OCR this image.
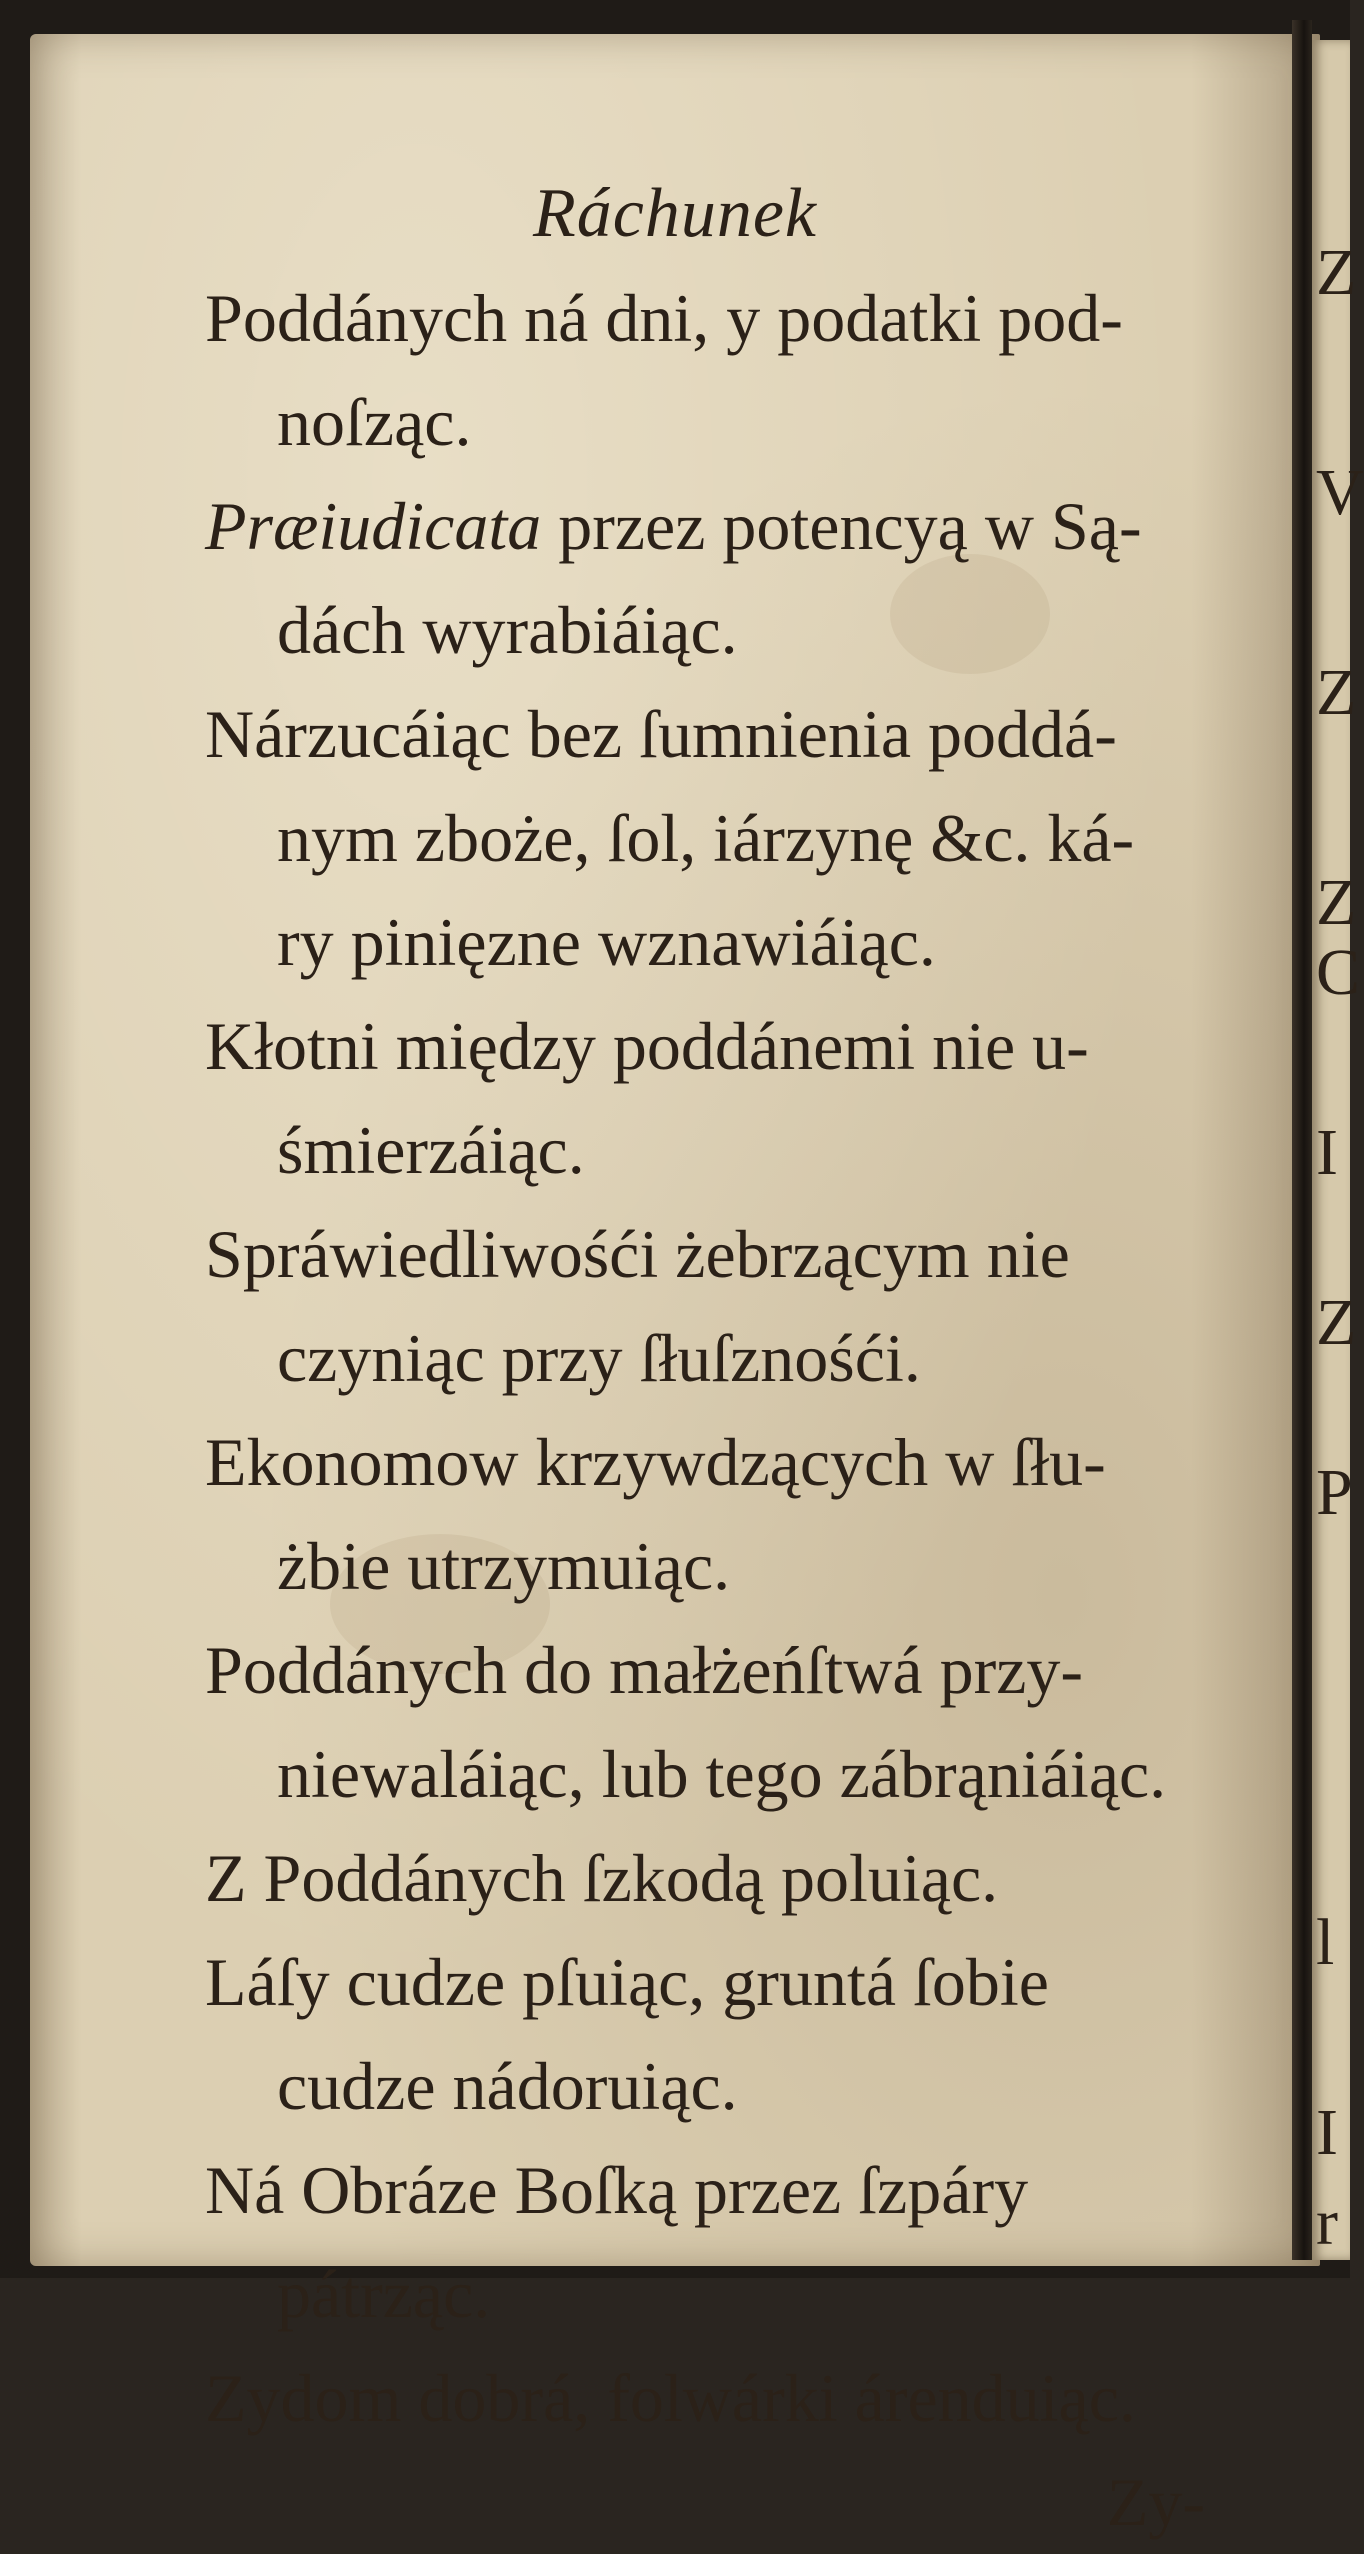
Ráchunek
Poddánych ná dni, y podatki pod-
noſząc.
Præiudicata przez potencyą w Są-
dách wyrabiáiąc.
Nárzucáiąc bez ſumnienia poddá-
nym zboże, ſol, iárzynę &c. ká-
ry pinięzne wznawiáiąc.
Kłotni między poddánemi nie u-
śmierzáiąc.
Spráwiedliwośći żebrzącym nie
czyniąc przy ſłuſznośći.
Ekonomow krzywdzących w ſłu-
żbie utrzymuiąc.
Poddánych do małżeńſtwá przy-
niewaláiąc, lub tego zábrąniáiąc.
Z Poddánych ſzkodą poluiąc.
Láſy cudze pſuiąc, gruntá ſobie
cudze nádoruiąc.
Ná Obráze Boſką przez ſzpáry
pátrząc.
Zydom dobrá, folwárki árenduiąc.
Zy-
Z
V
Z
Z
C
I
Z
P
l
I
r
